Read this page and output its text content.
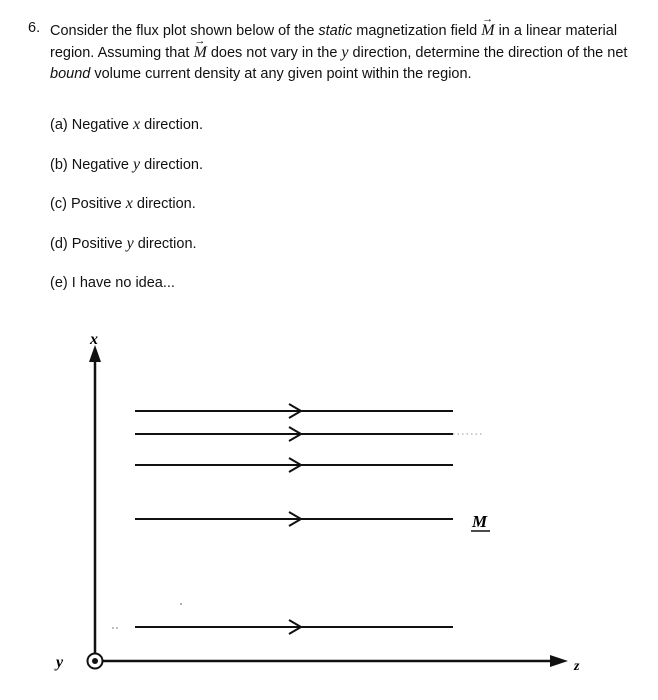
6. Consider the flux plot shown below of the static magnetization field → M in a linear material region. Assuming that → M does not vary in the y direction, determine the direction of the net bound volume current density at any given point within the region.
(a) Negative x direction.
(b) Negative y direction.
(c) Positive x direction.
(d) Positive y direction.
(e) I have no idea...
x
z
y
M
